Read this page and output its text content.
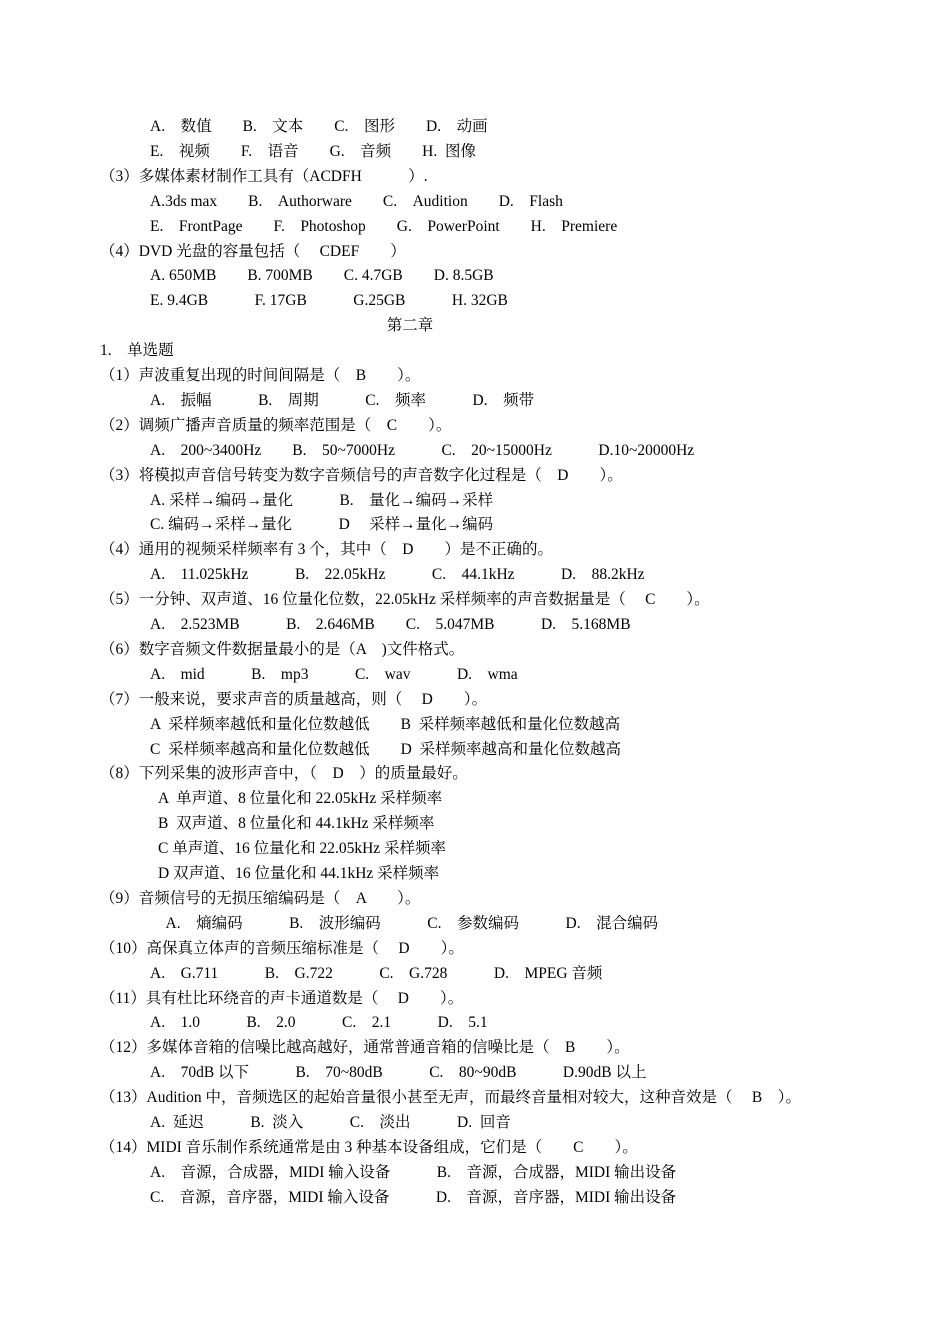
A.　数值　　B.　文本　　C.　图形　　D.　动画
E.　视频　　F.　语音　　G.　音频　　H.  图像
（3）多媒体素材制作工具有（ACDFH　　　）.
A.3ds max　　B.　Authorware　　C.　Audition　　D.　Flash
E.　FrontPage　　F.　Photoshop　　G.　PowerPoint　　H.　Premiere
（4）DVD 光盘的容量包括（　 CDEF　　）
A. 650MB　　B. 700MB　　C. 4.7GB　　D. 8.5GB
E. 9.4GB　　　F. 17GB　　　G.25GB　　　H. 32GB
第二章
1.　单选题
（1）声波重复出现的时间间隔是（　B　　）。
A.　振幅　　　B.　周期　　　C.　频率　　　D.　频带
（2）调频广播声音质量的频率范围是（　C　　）。
A.　200~3400Hz　　B.　50~7000Hz　　　C.　20~15000Hz　　　D.10~20000Hz
（3）将模拟声音信号转变为数字音频信号的声音数字化过程是（　D　　）。
A. 采样→编码→量化　　　B.　量化→编码→采样
C. 编码→采样→量化　　　D　 采样→量化→编码
（4）通用的视频采样频率有 3 个，其中（　D　　）是不正确的。
A.　11.025kHz　　　B.　22.05kHz　　　C.　44.1kHz　　　D.　88.2kHz
（5）一分钟、双声道、16 位量化位数，22.05kHz 采样频率的声音数据量是（　 C　　）。
A.　2.523MB　　　B.　2.646MB　　C.　5.047MB　　　D.　5.168MB
（6）数字音频文件数据量最小的是（A　)文件格式。
A.　mid　　　B.　mp3　　　C.　wav　　　D.　wma
（7）一般来说，要求声音的质量越高，则（　 D　　）。
A  采样频率越低和量化位数越低　　B  采样频率越低和量化位数越高
C  采样频率越高和量化位数越低　　D  采样频率越高和量化位数越高
（8）下列采集的波形声音中，（　D　）的质量最好。
A  单声道、8 位量化和 22.05kHz 采样频率
B  双声道、8 位量化和 44.1kHz 采样频率
C 单声道、16 位量化和 22.05kHz 采样频率
D 双声道、16 位量化和 44.1kHz 采样频率
（9）音频信号的无损压缩编码是（　A　　）。
　A.　熵编码　　　B.　波形编码　　　C.　参数编码　　　D.　混合编码
（10）高保真立体声的音频压缩标准是（　 D　　）。
A.　G.711　　　B.　G.722　　　C.　G.728　　　D.　MPEG 音频
（11）具有杜比环绕音的声卡通道数是（　 D　　）。
A.　1.0　　　B.　2.0　　　C.　2.1　　　D.　5.1
（12）多媒体音箱的信噪比越高越好，通常普通音箱的信噪比是（　B　　）。
A.　70dB 以下　　　B.　70~80dB　　　C.　80~90dB　　　D.90dB 以上
（13）Audition 中，音频选区的起始音量很小甚至无声，而最终音量相对较大，这种音效是（　 B　）。
A.  延迟　　　B.  淡入　　　C.　淡出　　　D.  回音
（14）MIDI 音乐制作系统通常是由 3 种基本设备组成，它们是（　　C　　）。
A.　音源，合成器，MIDI 输入设备　　　B.　音源，合成器，MIDI 输出设备
C.　音源，音序器，MIDI 输入设备　　　D.　音源，音序器，MIDI 输出设备
